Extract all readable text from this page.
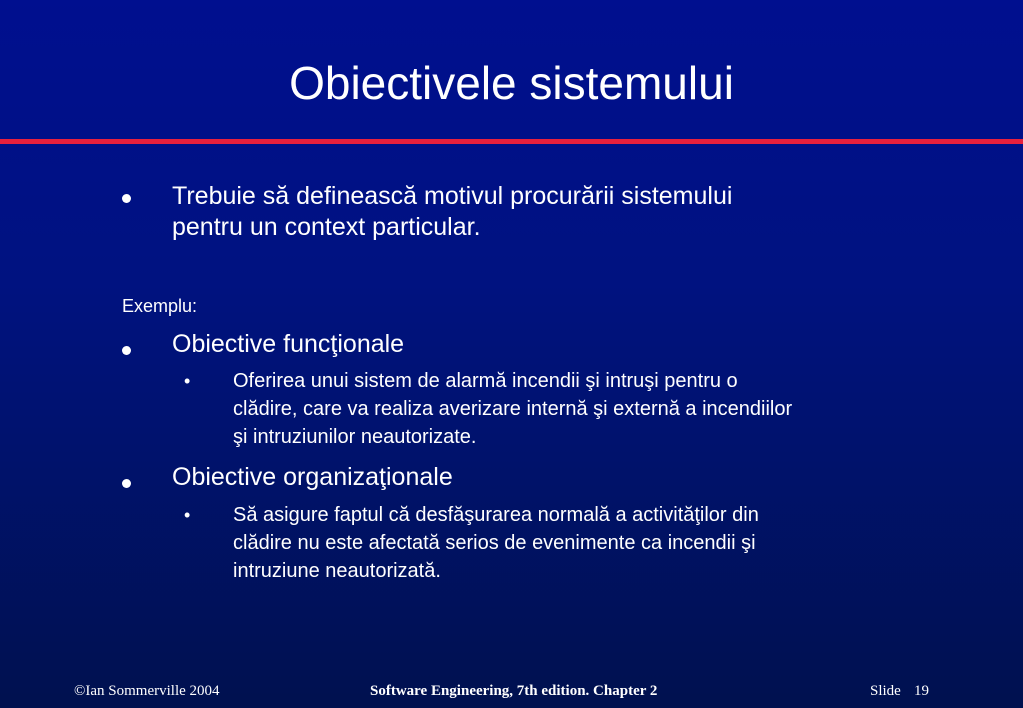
Obiectivele sistemului
Trebuie să definească motivul procurării sistemului
pentru un context particular.
Exemplu:
Obiective funcţionale
• Oferirea unui sistem de alarmă incendii şi intruşi pentru o
clădire, care va realiza averizare internă şi externă a incendiilor
şi intruziunilor neautorizate.
Obiective organizaţionale
• Să asigure faptul că desfăşurarea normală a activităţilor din
clădire nu este afectată serios de evenimente ca incendii şi
intruziune neautorizată.
©Ian Sommerville 2004	Software Engineering, 7th edition. Chapter 2	Slide 19
